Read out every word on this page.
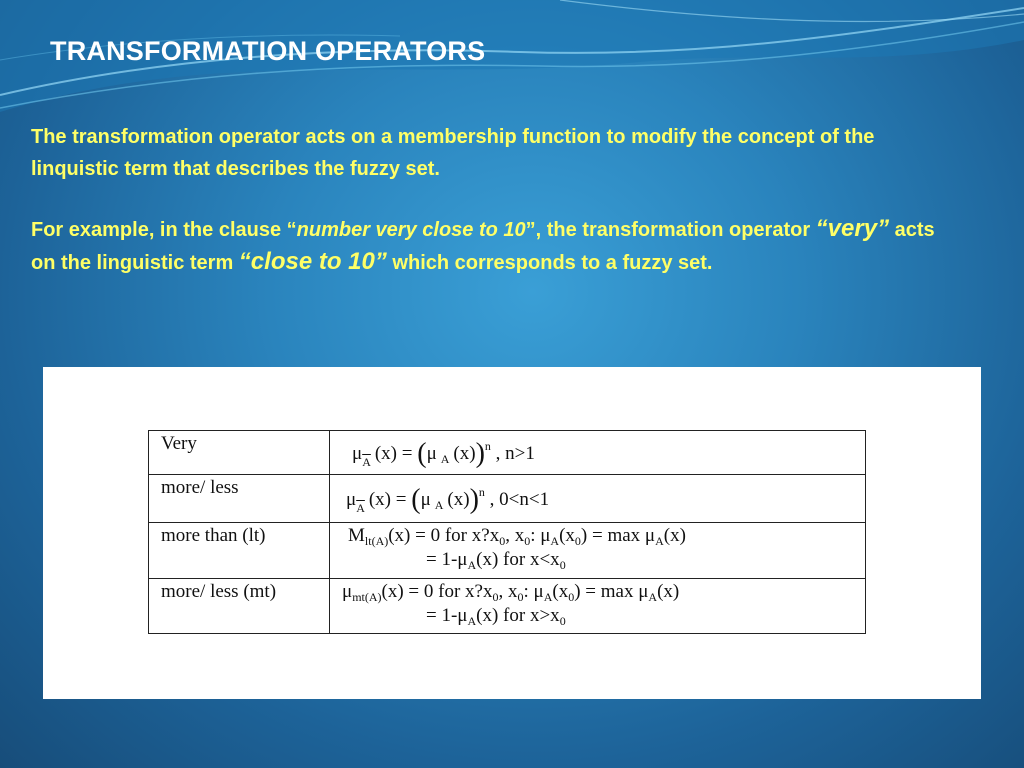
TRANSFORMATION OPERATORS

The transformation operator acts on a membership function to modify the concept of the linquistic term that describes the fuzzy set.

For example, in the clause “number very close to 10”, the transformation operator “very” acts on the linguistic term “close to 10” which corresponds to a fuzzy set.

Very	$\mu_{\overline{A}}$ (x) = (μ $_A$ (x))$^n$ , n>1

more/ less	$\mu_{\overline{A}}$ (x) = (μ $_A$ (x))$^n$ , 0<n<1

more than (lt)	$M_{lt(A)}(x) = 0$ for $x?x_0$, $x_0$: $\mu_A(x_0) = \max \mu_A(x)$
= $1-\mu_A(x)$ for $x<x_0$

more/ less (mt)	$\mu_{mt(A)}(x) = 0$ for $x?x_0$, $x_0$: $\mu_A(x_0) = \max \mu_A(x)$
= $1-\mu_A(x)$ for $x>x_0$
